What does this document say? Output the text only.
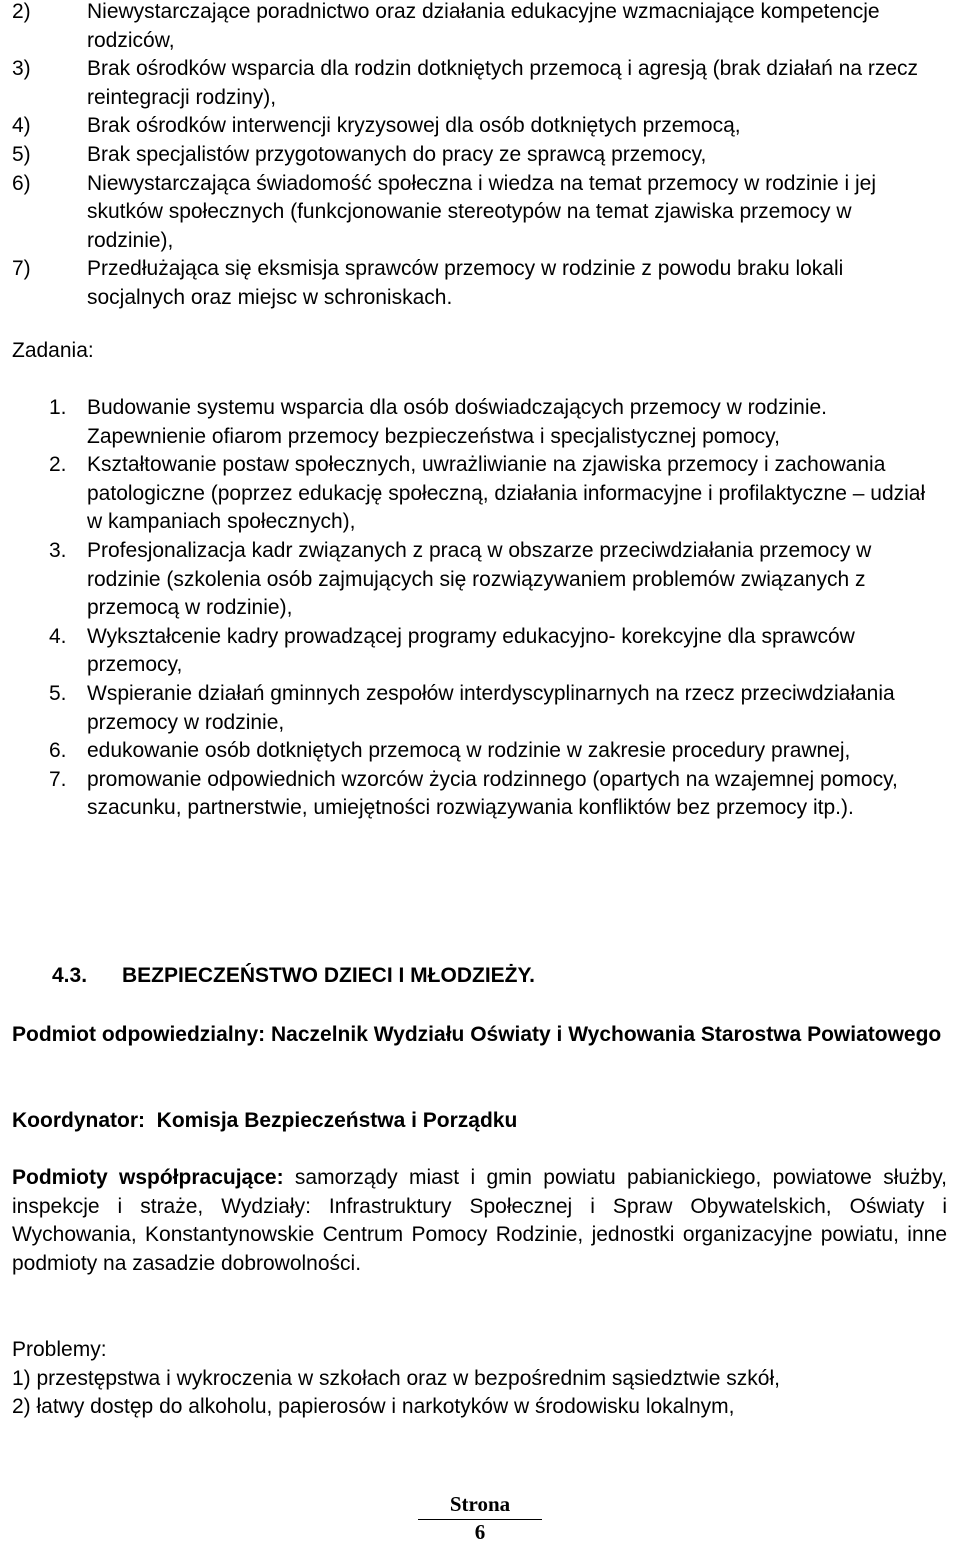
2)	Niewystarczające poradnictwo oraz działania edukacyjne wzmacniające kompetencje rodziców,
3)	Brak ośrodków wsparcia dla rodzin dotkniętych przemocą i agresją (brak działań na rzecz reintegracji rodziny),
4)	Brak ośrodków interwencji kryzysowej dla osób dotkniętych przemocą,
5)	Brak specjalistów przygotowanych do pracy ze sprawcą przemocy,
6)	Niewystarczająca świadomość społeczna i wiedza na temat przemocy w rodzinie i jej skutków społecznych (funkcjonowanie stereotypów na temat zjawiska przemocy w rodzinie),
7)	Przedłużająca się eksmisja sprawców przemocy w rodzinie z powodu braku lokali socjalnych oraz miejsc w schroniskach.
Zadania:
1. Budowanie systemu wsparcia dla osób doświadczających przemocy w rodzinie. Zapewnienie ofiarom przemocy bezpieczeństwa i specjalistycznej pomocy,
2. Kształtowanie postaw społecznych, uwrażliwianie na zjawiska przemocy i zachowania patologiczne (poprzez edukację społeczną, działania informacyjne i profilaktyczne – udział w kampaniach społecznych),
3. Profesjonalizacja kadr związanych z pracą w obszarze przeciwdziałania przemocy w rodzinie (szkolenia osób zajmujących się rozwiązywaniem problemów związanych z przemocą w rodzinie),
4. Wykształcenie kadry prowadzącej programy edukacyjno- korekcyjne dla sprawców przemocy,
5. Wspieranie działań gminnych zespołów interdyscyplinarnych na rzecz przeciwdziałania przemocy w rodzinie,
6. edukowanie osób dotkniętych przemocą w rodzinie w zakresie procedury prawnej,
7. promowanie odpowiednich wzorców życia rodzinnego (opartych na wzajemnej pomocy, szacunku, partnerstwie, umiejętności rozwiązywania konfliktów bez przemocy itp.).
4.3. BEZPIECZEŃSTWO DZIECI I MŁODZIEŻY.
Podmiot odpowiedzialny: Naczelnik Wydziału Oświaty i Wychowania Starostwa Powiatowego
Koordynator: Komisja Bezpieczeństwa i Porządku
Podmioty współpracujące: samorządy miast i gmin powiatu pabianickiego, powiatowe służby, inspekcje i straże, Wydziały: Infrastruktury Społecznej i Spraw Obywatelskich, Oświaty i Wychowania, Konstantynowskie Centrum Pomocy Rodzinie, jednostki organizacyjne powiatu, inne podmioty na zasadzie dobrowolności.
Problemy:
1) przestępstwa i wykroczenia w szkołach oraz w bezpośrednim sąsiedztwie szkół,
2) łatwy dostęp do alkoholu, papierosów i narkotyków w środowisku lokalnym,
Strona
6
